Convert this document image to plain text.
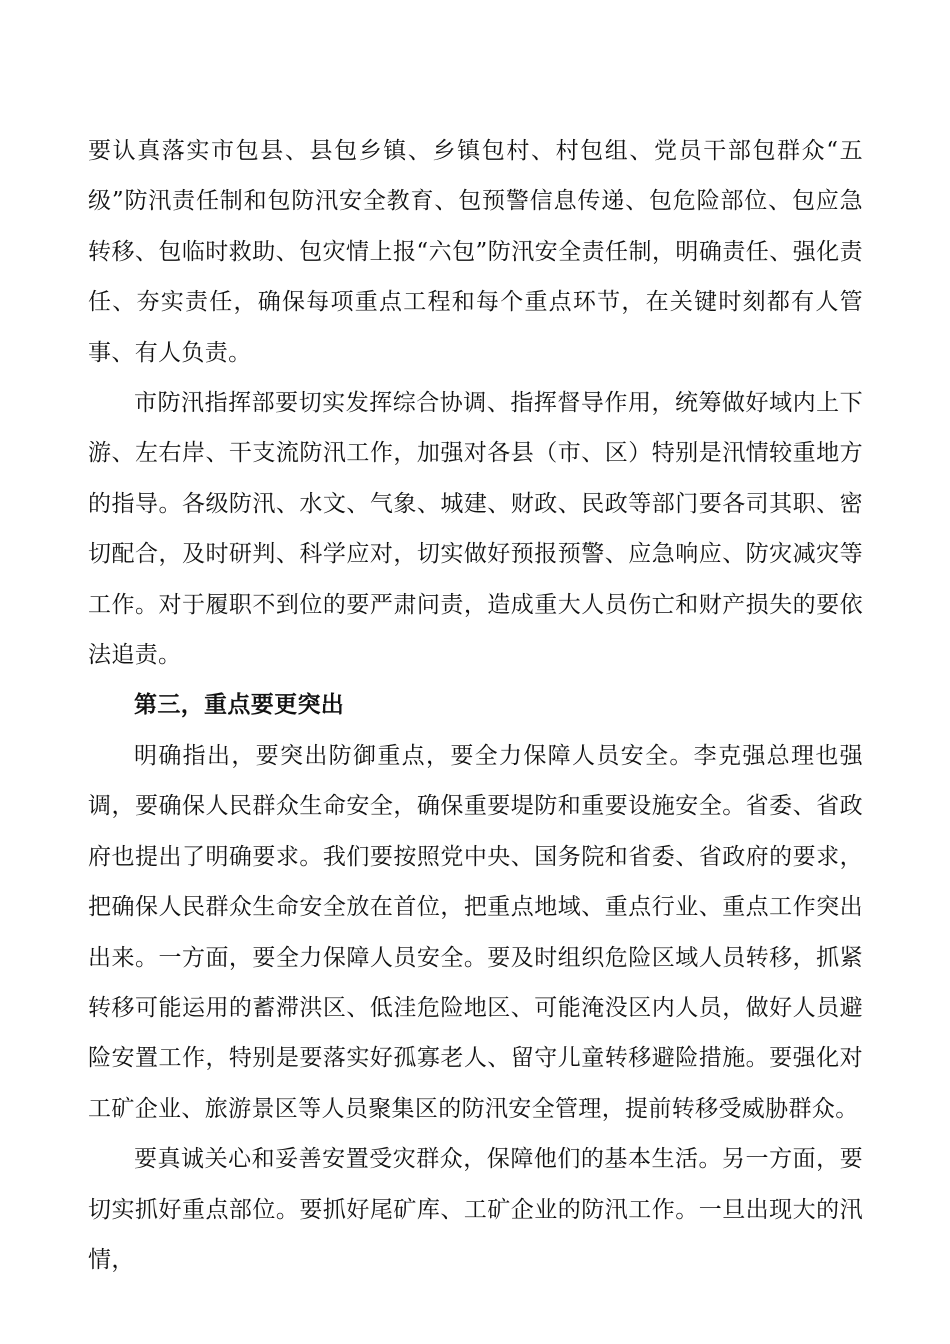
要认真落实市包县、县包乡镇、乡镇包村、村包组、党员干部包群众“五级”防汛责任制和包防汛安全教育、包预警信息传递、包危险部位、包应急转移、包临时救助、包灾情上报“六包”防汛安全责任制，明确责任、强化责任、夯实责任，确保每项重点工程和每个重点环节，在关键时刻都有人管事、有人负责。

市防汛指挥部要切实发挥综合协调、指挥督导作用，统筹做好域内上下游、左右岸、干支流防汛工作，加强对各县（市、区）特别是汛情较重地方的指导。各级防汛、水文、气象、城建、财政、民政等部门要各司其职、密切配合，及时研判、科学应对，切实做好预报预警、应急响应、防灾减灾等工作。对于履职不到位的要严肃问责，造成重大人员伤亡和财产损失的要依法追责。

第三，重点要更突出

明确指出，要突出防御重点，要全力保障人员安全。李克强总理也强调，要确保人民群众生命安全，确保重要堤防和重要设施安全。省委、省政府也提出了明确要求。我们要按照党中央、国务院和省委、省政府的要求，把确保人民群众生命安全放在首位，把重点地域、重点行业、重点工作突出出来。一方面，要全力保障人员安全。要及时组织危险区域人员转移，抓紧转移可能运用的蓄滞洪区、低洼危险地区、可能淹没区内人员，做好人员避险安置工作，特别是要落实好孤寡老人、留守儿童转移避险措施。要强化对工矿企业、旅游景区等人员聚集区的防汛安全管理，提前转移受威胁群众。

要真诚关心和妥善安置受灾群众，保障他们的基本生活。另一方面，要切实抓好重点部位。要抓好尾矿库、工矿企业的防汛工作。一旦出现大的汛情，
